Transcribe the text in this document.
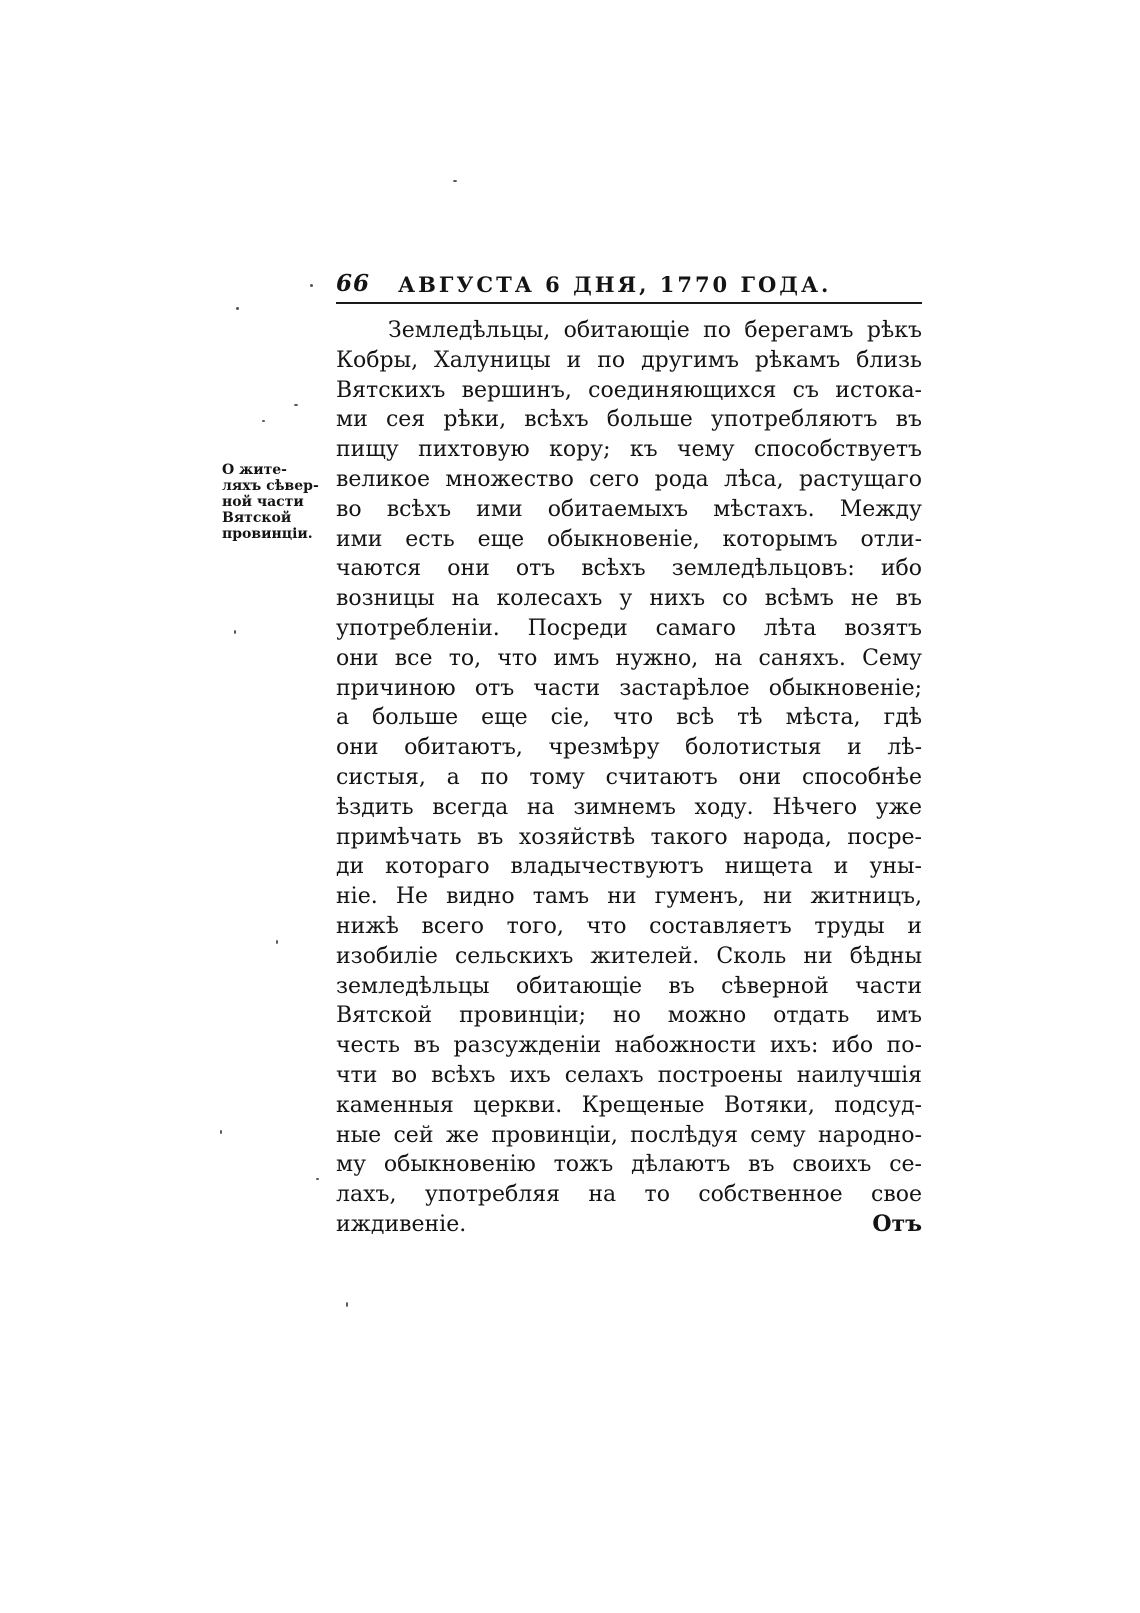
66 АВГУСТА 6 ДНЯ, 1770 ГОДА.
О жите-
ляхъ сѣвер-
ной части
Вятской
провинціи.
Земледѣльцы, обитающіе по берегамъ рѣкъ
Кобры, Халуницы и по другимъ рѣкамъ близь
Вятскихъ вершинъ, соединяющихся съ истока-
ми сея рѣки, всѣхъ больше употребляютъ въ
пищу пихтовую кору; къ чему способствуетъ
великое множество сего рода лѣса, растущаго
во всѣхъ ими обитаемыхъ мѣстахъ. Между
ими есть еще обыкновеніе, которымъ отли-
чаются они отъ всѣхъ земледѣльцовъ: ибо
возницы на колесахъ у нихъ со всѣмъ не въ
употребленіи. Посреди самаго лѣта возятъ
они все то, что имъ нужно, на саняхъ. Сему
причиною отъ части застарѣлое обыкновеніе;
а больше еще сіе, что всѣ тѣ мѣста, гдѣ
они обитаютъ, чрезмѣру болотистыя и лѣ-
систыя, а по тому считаютъ они способнѣе
ѣздить всегда на зимнемъ ходу. Нѣчего уже
примѣчать въ хозяйствѣ такого народа, посре-
ди котораго владычествуютъ нищета и уны-
ніе. Не видно тамъ ни гуменъ, ни житницъ,
нижѣ всего того, что составляетъ труды и
изобиліе сельскихъ жителей. Сколь ни бѣдны
земледѣльцы обитающіе въ сѣверной части
Вятской провинціи; но можно отдать имъ
честь въ разсужденіи набожности ихъ: ибо по-
чти во всѣхъ ихъ селахъ построены наилучшія
каменныя церкви. Крещеные Вотяки, подсуд-
ные сей же провинціи, послѣдуя сему народно-
му обыкновенію тожъ дѣлаютъ въ своихъ се-
лахъ, употребляя на то собственное свое
иждивеніе.	Отъ
